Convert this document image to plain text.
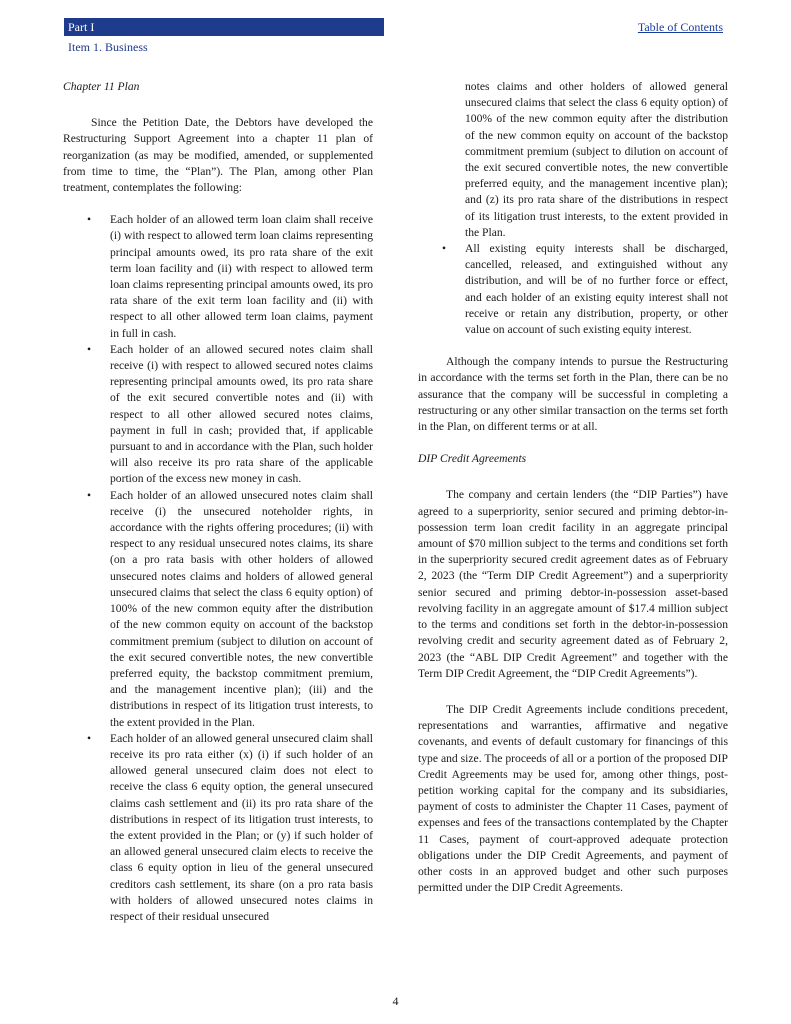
Part I	Table of Contents
Item 1. Business

Chapter 11 Plan

Since the Petition Date, the Debtors have developed the Restructuring Support Agreement into a chapter 11 plan of reorganization (as may be modified, amended, or supplemented from time to time, the “Plan”). The Plan, among other Plan treatment, contemplates the following:

• Each holder of an allowed term loan claim shall receive (i) with respect to allowed term loan claims representing principal amounts owed, its pro rata share of the exit term loan facility and (ii) with respect to allowed term loan claims representing principal amounts owed, its pro rata share of the exit term loan facility and (ii) with respect to all other allowed term loan claims, payment in full in cash.
• Each holder of an allowed secured notes claim shall receive (i) with respect to allowed secured notes claims representing principal amounts owed, its pro rata share of the exit secured convertible notes and (ii) with respect to all other allowed secured notes claims, payment in full in cash; provided that, if applicable pursuant to and in accordance with the Plan, such holder will also receive its pro rata share of the applicable portion of the excess new money in cash.
• Each holder of an allowed unsecured notes claim shall receive (i) the unsecured noteholder rights, in accordance with the rights offering procedures; (ii) with respect to any residual unsecured notes claims, its share (on a pro rata basis with other holders of allowed unsecured notes claims and holders of allowed general unsecured claims that select the class 6 equity option) of 100% of the new common equity after the distribution of the new common equity on account of the backstop commitment premium (subject to dilution on account of the exit secured convertible notes, the new convertible preferred equity, the backstop commitment premium, and the management incentive plan); (iii) and the distributions in respect of its litigation trust interests, to the extent provided in the Plan.
• Each holder of an allowed general unsecured claim shall receive its pro rata either (x) (i) if such holder of an allowed general unsecured claim does not elect to receive the class 6 equity option, the general unsecured claims cash settlement and (ii) its pro rata share of the distributions in respect of its litigation trust interests, to the extent provided in the Plan; or (y) if such holder of an allowed general unsecured claim elects to receive the class 6 equity option in lieu of the general unsecured creditors cash settlement, its share (on a pro rata basis with holders of allowed unsecured notes claims in respect of their residual unsecured
notes claims and other holders of allowed general unsecured claims that select the class 6 equity option) of 100% of the new common equity after the distribution of the new common equity on account of the backstop commitment premium (subject to dilution on account of the exit secured convertible notes, the new convertible preferred equity, and the management incentive plan); and (z) its pro rata share of the distributions in respect of its litigation trust interests, to the extent provided in the Plan.
• All existing equity interests shall be discharged, cancelled, released, and extinguished without any distribution, and will be of no further force or effect, and each holder of an existing equity interest shall not receive or retain any distribution, property, or other value on account of such existing equity interest.

Although the company intends to pursue the Restructuring in accordance with the terms set forth in the Plan, there can be no assurance that the company will be successful in completing a restructuring or any other similar transaction on the terms set forth in the Plan, on different terms or at all.

DIP Credit Agreements

The company and certain lenders (the “DIP Parties”) have agreed to a superpriority, senior secured and priming debtor-in-possession term loan credit facility in an aggregate principal amount of $70 million subject to the terms and conditions set forth in the superpriority secured credit agreement dates as of February 2, 2023 (the “Term DIP Credit Agreement”) and a superpriority senior secured and priming debtor-in-possession asset-based revolving facility in an aggregate amount of $17.4 million subject to the terms and conditions set forth in the debtor-in-possession revolving credit and security agreement dated as of February 2, 2023 (the “ABL DIP Credit Agreement” and together with the Term DIP Credit Agreement, the “DIP Credit Agreements”).

The DIP Credit Agreements include conditions precedent, representations and warranties, affirmative and negative covenants, and events of default customary for financings of this type and size. The proceeds of all or a portion of the proposed DIP Credit Agreements may be used for, among other things, post-petition working capital for the company and its subsidiaries, payment of costs to administer the Chapter 11 Cases, payment of expenses and fees of the transactions contemplated by the Chapter 11 Cases, payment of court-approved adequate protection obligations under the DIP Credit Agreements, and payment of other costs in an approved budget and other such purposes permitted under the DIP Credit Agreements.

4
